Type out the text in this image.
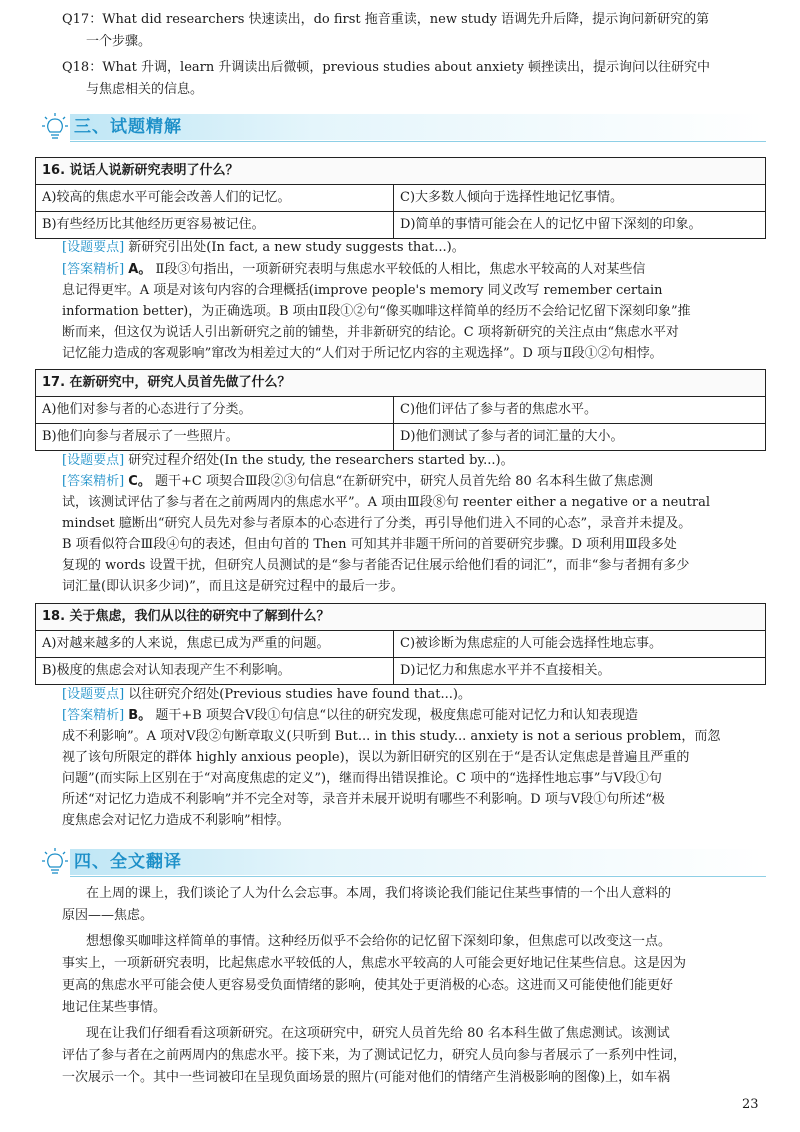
Q17：What did researchers 快速读出，do first 拖音重读，new study 语调先升后降，提示询问新研究的第
一个步骤。
Q18：What 升调，learn 升调读出后微顿，previous studies about anxiety 顿挫读出，提示询问以往研究中
与焦虑相关的信息。
三、试题精解
16. 说话人说新研究表明了什么？	
A)较高的焦虑水平可能会改善人们的记忆。	C)大多数人倾向于选择性地记忆事情。
B)有些经历比其他经历更容易被记住。	D)简单的事情可能会在人的记忆中留下深刻的印象。
[设题要点] 新研究引出处(In fact, a new study suggests that...)。
[答案精析] A。 Ⅱ段③句指出，一项新研究表明与焦虑水平较低的人相比，焦虑水平较高的人对某些信
息记得更牢。A 项是对该句内容的合理概括(improve people's memory 同义改写 remember certain
information better)，为正确选项。B 项由Ⅱ段①②句“像买咖啡这样简单的经历不会给记忆留下深刻印象”推
断而来，但这仅为说话人引出新研究之前的铺垫，并非新研究的结论。C 项将新研究的关注点由“焦虑水平对
记忆能力造成的客观影响”窜改为相差过大的“人们对于所记忆内容的主观选择”。D 项与Ⅱ段①②句相悖。
17. 在新研究中，研究人员首先做了什么？	
A)他们对参与者的心态进行了分类。	C)他们评估了参与者的焦虑水平。
B)他们向参与者展示了一些照片。	D)他们测试了参与者的词汇量的大小。
[设题要点] 研究过程介绍处(In the study, the researchers started by...)。
[答案精析] C。 题干+C 项契合Ⅲ段②③句信息“在新研究中，研究人员首先给 80 名本科生做了焦虑测
试，该测试评估了参与者在之前两周内的焦虑水平”。A 项由Ⅲ段⑧句 reenter either a negative or a neutral
mindset 臆断出“研究人员先对参与者原本的心态进行了分类，再引导他们进入不同的心态”，录音并未提及。
B 项看似符合Ⅲ段④句的表述，但由句首的 Then 可知其并非题干所问的首要研究步骤。D 项利用Ⅲ段多处
复现的 words 设置干扰，但研究人员测试的是“参与者能否记住展示给他们看的词汇”，而非“参与者拥有多少
词汇量(即认识多少词)”，而且这是研究过程中的最后一步。
18. 关于焦虑，我们从以往的研究中了解到什么？	
A)对越来越多的人来说，焦虑已成为严重的问题。	C)被诊断为焦虑症的人可能会选择性地忘事。
B)极度的焦虑会对认知表现产生不利影响。	D)记忆力和焦虑水平并不直接相关。
[设题要点] 以往研究介绍处(Previous studies have found that...)。
[答案精析] B。 题干+B 项契合Ⅴ段①句信息“以往的研究发现，极度焦虑可能对记忆力和认知表现造
成不利影响”。A 项对Ⅴ段②句断章取义(只听到 But... in this study... anxiety is not a serious problem，而忽
视了该句所限定的群体 highly anxious people)，误以为新旧研究的区别在于“是否认定焦虑是普遍且严重的
问题”(而实际上区别在于“对高度焦虑的定义”)，继而得出错误推论。C 项中的“选择性地忘事”与Ⅴ段①句
所述“对记忆力造成不利影响”并不完全对等，录音并未展开说明有哪些不利影响。D 项与Ⅴ段①句所述“极
度焦虑会对记忆力造成不利影响”相悖。
四、全文翻译
在上周的课上，我们谈论了人为什么会忘事。本周，我们将谈论我们能记住某些事情的一个出人意料的
原因——焦虑。
想想像买咖啡这样简单的事情。这种经历似乎不会给你的记忆留下深刻印象，但焦虑可以改变这一点。
事实上，一项新研究表明，比起焦虑水平较低的人，焦虑水平较高的人可能会更好地记住某些信息。这是因为
更高的焦虑水平可能会使人更容易受负面情绪的影响，使其处于更消极的心态。这进而又可能使他们能更好
地记住某些事情。
现在让我们仔细看看这项新研究。在这项研究中，研究人员首先给 80 名本科生做了焦虑测试。该测试
评估了参与者在之前两周内的焦虑水平。接下来，为了测试记忆力，研究人员向参与者展示了一系列中性词，
一次展示一个。其中一些词被印在呈现负面场景的照片(可能对他们的情绪产生消极影响的图像)上，如车祸
23
